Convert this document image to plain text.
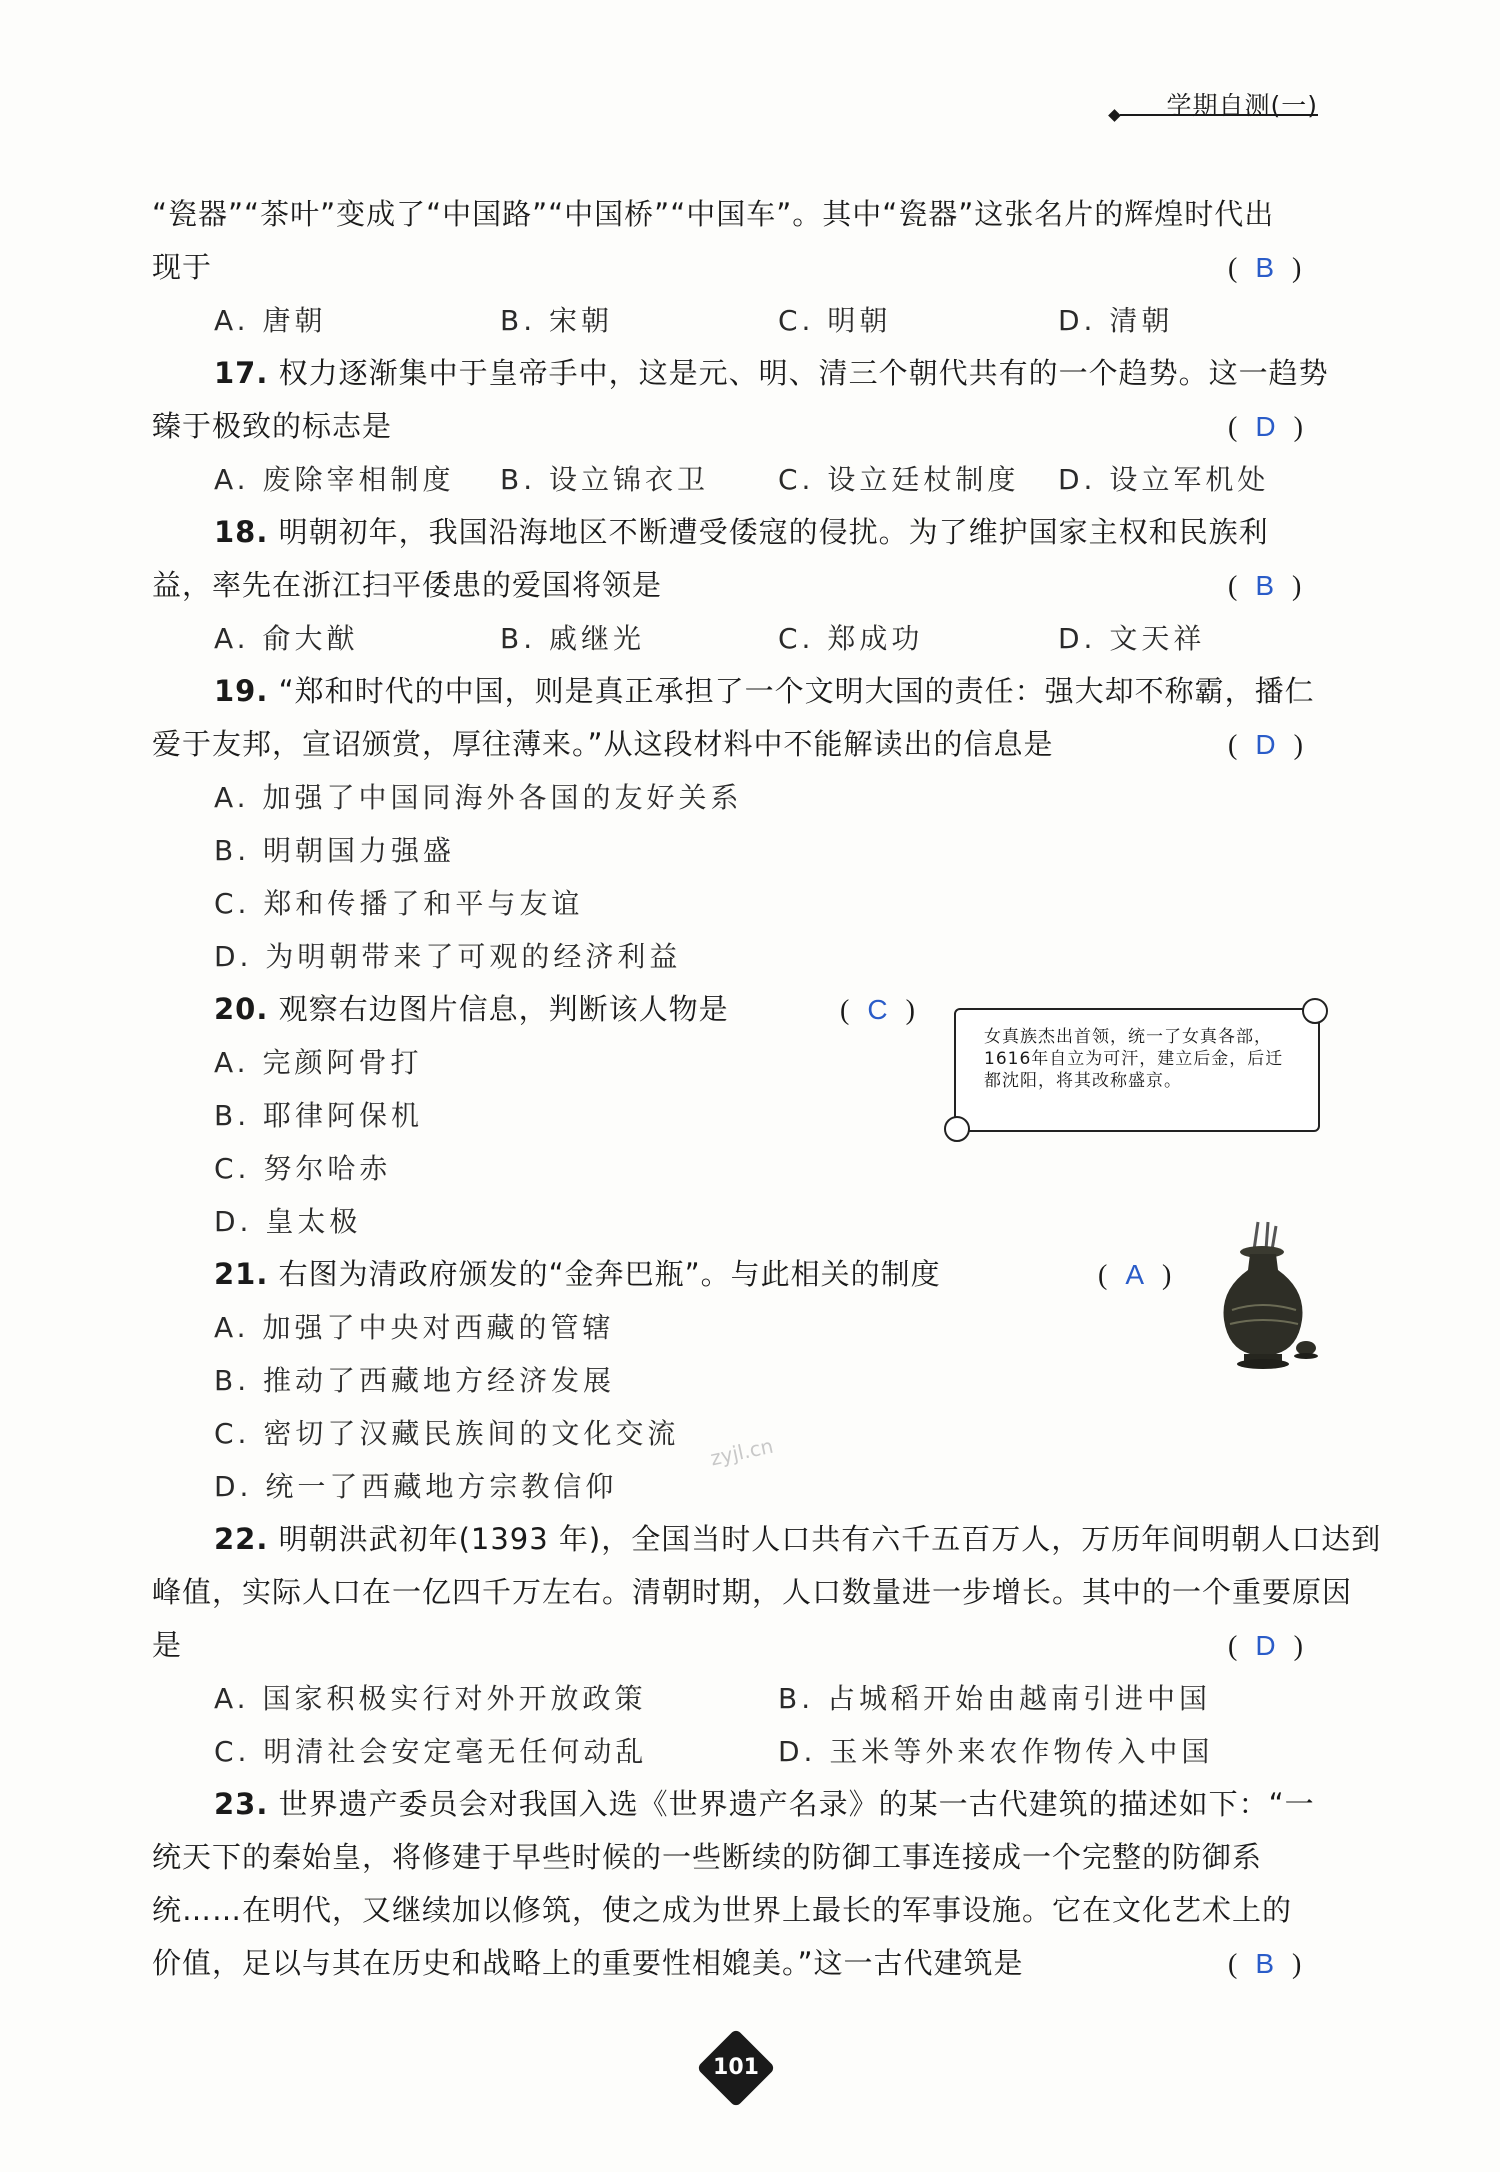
学期自测(一)
“瓷器”“茶叶”变成了“中国路”“中国桥”“中国车”。其中“瓷器”这张名片的辉煌时代出
现于	( B )
A. 唐朝	B. 宋朝	C. 明朝	D. 清朝
17. 权力逐渐集中于皇帝手中，这是元、明、清三个朝代共有的一个趋势。这一趋势
臻于极致的标志是	( D )
A. 废除宰相制度 B. 设立锦衣卫 C. 设立廷杖制度 D. 设立军机处
18. 明朝初年，我国沿海地区不断遭受倭寇的侵扰。为了维护国家主权和民族利
益，率先在浙江扫平倭患的爱国将领是	( B )
A. 俞大猷	B. 戚继光	C. 郑成功	D. 文天祥
19. “郑和时代的中国，则是真正承担了一个文明大国的责任：强大却不称霸，播仁
爱于友邦，宣诏颁赏，厚往薄来。”从这段材料中不能解读出的信息是	( D )
A. 加强了中国同海外各国的友好关系
B. 明朝国力强盛
C. 郑和传播了和平与友谊
D. 为明朝带来了可观的经济利益
20. 观察右边图片信息，判断该人物是	( C )
A. 完颜阿骨打
B. 耶律阿保机
C. 努尔哈赤
D. 皇太极
女真族杰出首领，统一了女真各部，1616年自立为可汗，建立后金，后迁都沈阳，将其改称盛京。
21. 右图为清政府颁发的“金奔巴瓶”。与此相关的制度	( A )
A. 加强了中央对西藏的管辖
B. 推动了西藏地方经济发展
C. 密切了汉藏民族间的文化交流
D. 统一了西藏地方宗教信仰
zyjl.cn
22. 明朝洪武初年(1393 年)，全国当时人口共有六千五百万人，万历年间明朝人口达到
峰值，实际人口在一亿四千万左右。清朝时期，人口数量进一步增长。其中的一个重要原因
是	( D )
A. 国家积极实行对外开放政策	B. 占城稻开始由越南引进中国
C. 明清社会安定毫无任何动乱	D. 玉米等外来农作物传入中国
23. 世界遗产委员会对我国入选《世界遗产名录》的某一古代建筑的描述如下：“一
统天下的秦始皇，将修建于早些时候的一些断续的防御工事连接成一个完整的防御系
统……在明代，又继续加以修筑，使之成为世界上最长的军事设施。它在文化艺术上的
价值，足以与其在历史和战略上的重要性相媲美。”这一古代建筑是	( B )
101
